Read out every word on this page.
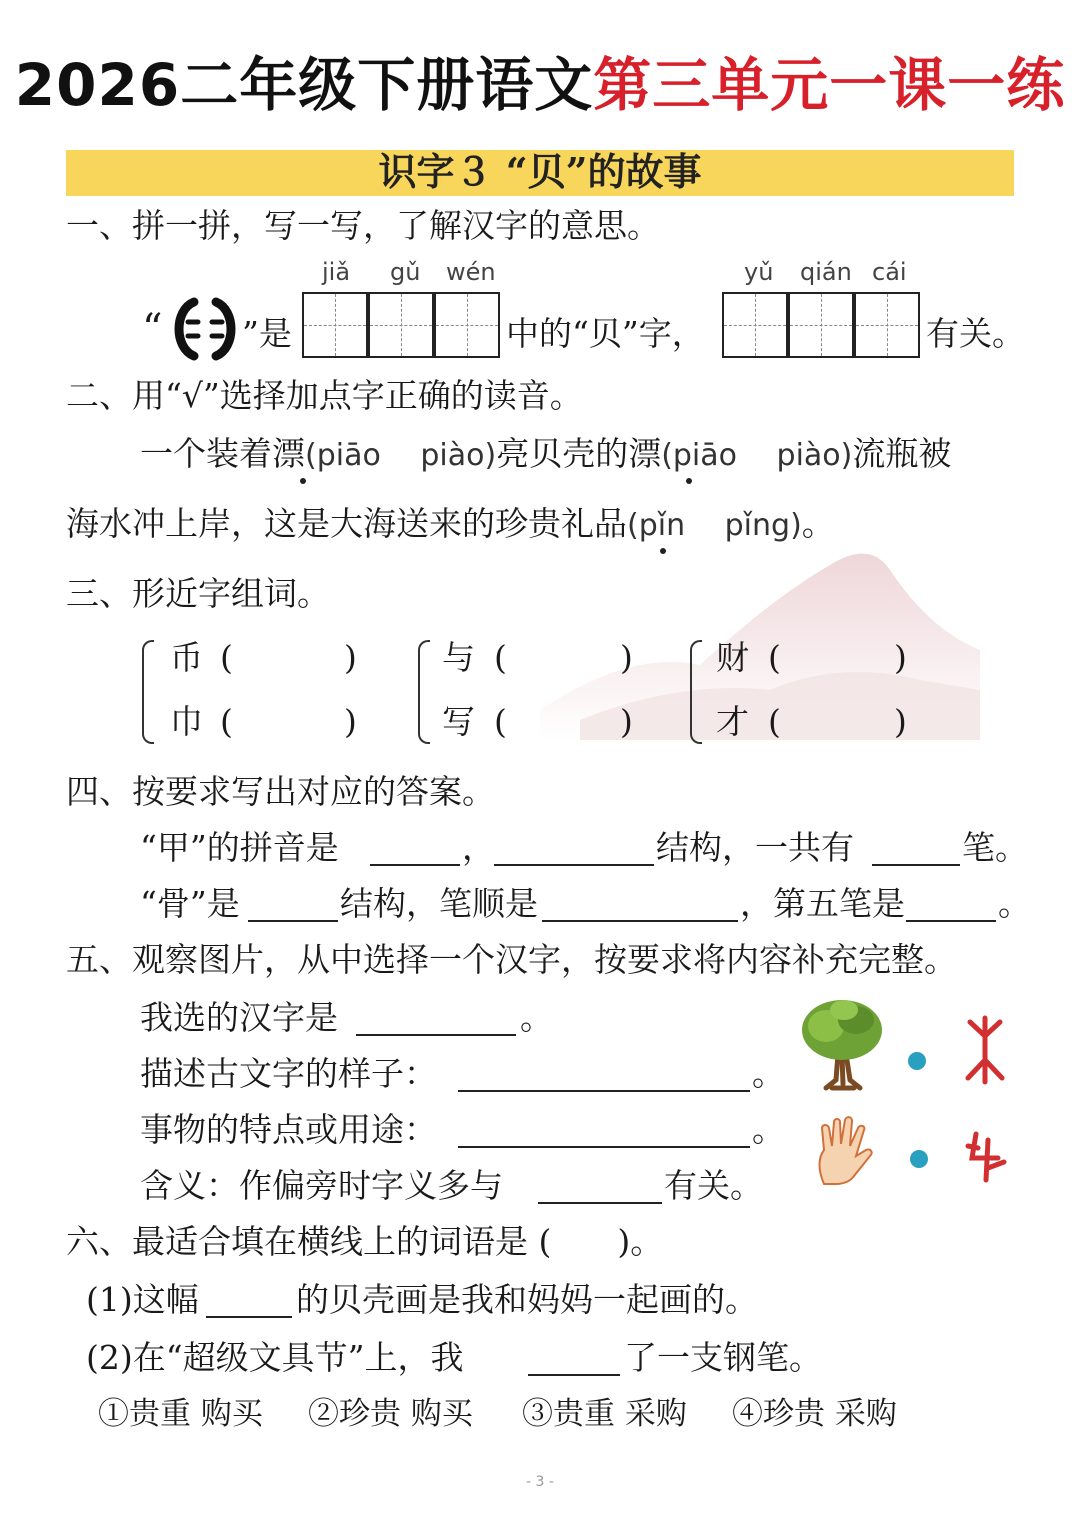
2026二年级下册语文第三单元一课一练
识字３ “贝”的故事
一、拼一拼，写一写，了解汉字的意思。
jiǎ gǔ wén	yǔ qián cái
“ ”是	中的“贝”字，	有关。
二、用“√”选择加点字正确的读音。
一个装着漂(piāo　 piào)亮贝壳的漂(piāo　 piào)流瓶被
海水冲上岸，这是大海送来的珍贵礼品(pǐn　 pǐng)。
三、形近字组词。
币 (	)
巾 (	)
与 (	)
写 (	)
财 (	)
才 (	)
四、按要求写出对应的答案。
“甲”的拼音是	，	结构，一共有	笔。
“骨”是	结构，笔顺是	，第五笔是	。
五、观察图片，从中选择一个汉字，按要求将内容补充完整。
我选的汉字是	。
描述古文字的样子：	。
事物的特点或用途：	。
含义：作偏旁时字义多与	有关。
六、最适合填在横线上的词语是 (　　)。
(1)这幅	的贝壳画是我和妈妈一起画的。
(2)在“超级文具节”上，我	了一支钢笔。
①贵重 购买 ②珍贵 购买 ③贵重 采购 ④珍贵 采购
- 3 -
